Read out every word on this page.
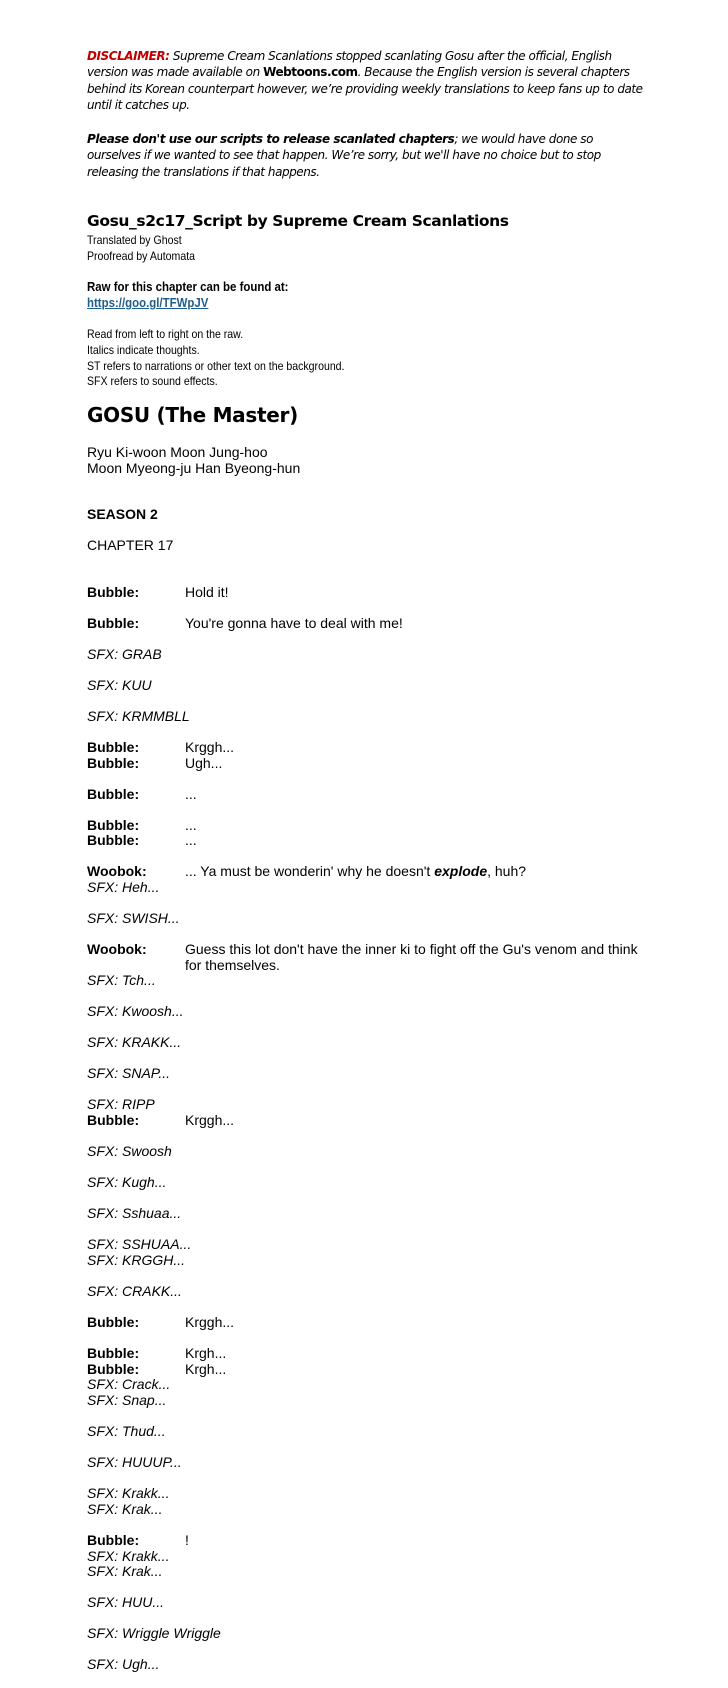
DISCLAIMER: Supreme Cream Scanlations stopped scanlating Gosu after the official, English version was made available on Webtoons.com. Because the English version is several chapters behind its Korean counterpart however, we’re providing weekly translations to keep fans up to date until it catches up.
Please don't use our scripts to release scanlated chapters; we would have done so ourselves if we wanted to see that happen. We’re sorry, but we'll have no choice but to stop releasing the translations if that happens.
Gosu_s2c17_Script by Supreme Cream Scanlations
Translated by Ghost
Proofread by Automata
Raw for this chapter can be found at:
https://goo.gl/TFWpJV
Read from left to right on the raw.
Italics indicate thoughts.
ST refers to narrations or other text on the background.
SFX refers to sound effects.
GOSU (The Master)
Ryu Ki-woon Moon Jung-hoo
Moon Myeong-ju Han Byeong-hun
SEASON 2
CHAPTER 17
Bubble:	Hold it!
Bubble:	You're gonna have to deal with me!
SFX: GRAB
SFX: KUU
SFX: KRMMBLL
Bubble:	Krggh...
Bubble:	Ugh...
Bubble:	...
Bubble:	...
Bubble:	...
Woobok:	... Ya must be wonderin' why he doesn't explode, huh?
SFX: Heh...
SFX: SWISH...
Woobok:	Guess this lot don't have the inner ki to fight off the Gu's venom and think for themselves.
SFX: Tch...
SFX: Kwoosh...
SFX: KRAKK...
SFX: SNAP...
SFX: RIPP
Bubble:	Krggh...
SFX: Swoosh
SFX: Kugh...
SFX: Sshuaa...
SFX: SSHUAA...
SFX: KRGGH...
SFX: CRAKK...
Bubble:	Krggh...
Bubble:	Krgh...
Bubble:	Krgh...
SFX: Crack...
SFX: Snap...
SFX: Thud...
SFX: HUUUP...
SFX: Krakk...
SFX: Krak...
Bubble:	!
SFX: Krakk...
SFX: Krak...
SFX: HUU...
SFX: Wriggle Wriggle
SFX: Ugh...
